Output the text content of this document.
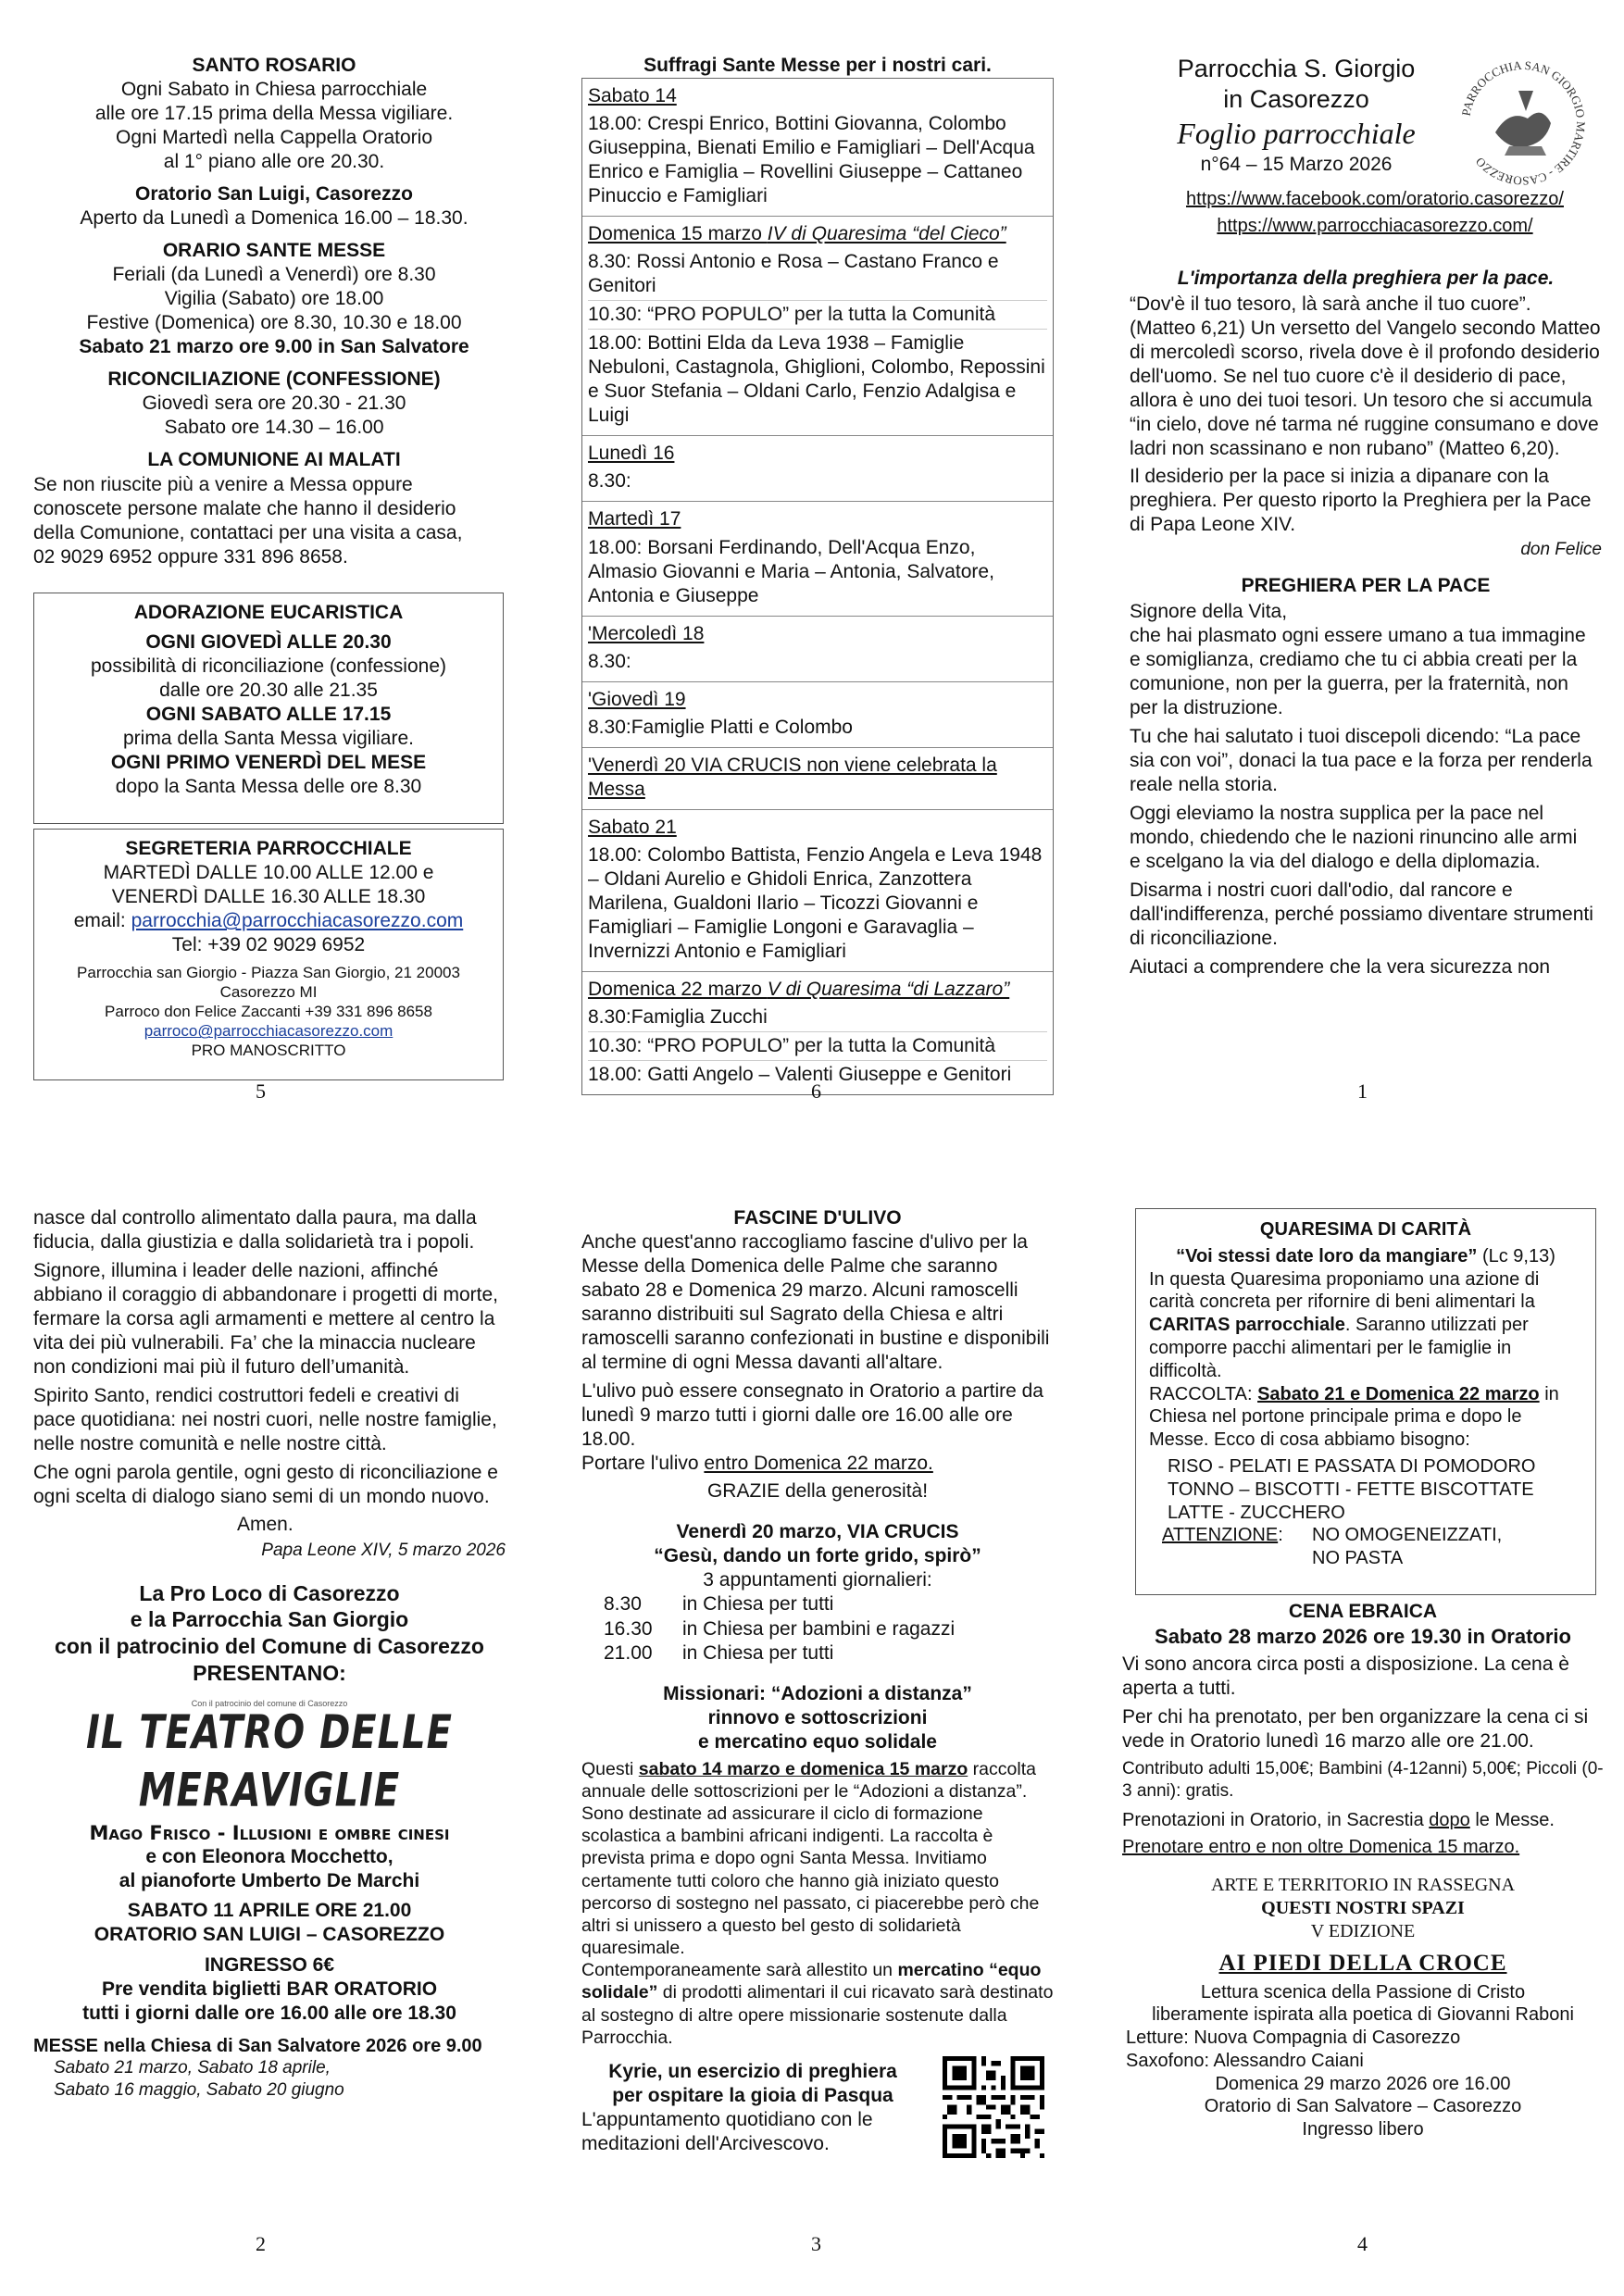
SANTO ROSARIO
Ogni Sabato in Chiesa parrocchiale
alle ore 17.15 prima della Messa vigiliare.
Ogni Martedì nella Cappella Oratorio
al 1° piano alle ore 20.30.
Oratorio San Luigi, Casorezzo
Aperto da Lunedì a Domenica 16.00 – 18.30.
ORARIO SANTE MESSE
Feriali (da Lunedì a Venerdì) ore 8.30
Vigilia (Sabato) ore 18.00
Festive (Domenica) ore 8.30, 10.30 e 18.00
Sabato 21 marzo ore 9.00 in San Salvatore
RICONCILIAZIONE (CONFESSIONE)
Giovedì sera ore 20.30 - 21.30
Sabato ore 14.30 – 16.00
LA COMUNIONE AI MALATI
Se non riuscite più a venire a Messa oppure
conoscete persone malate che hanno il desiderio
della Comunione, contattaci per una visita a casa,
02 9029 6952 oppure 331 896 8658.
ADORAZIONE EUCARISTICA
OGNI GIOVEDÌ ALLE 20.30
possibilità di riconciliazione (confessione)
dalle ore 20.30 alle 21.35
OGNI SABATO ALLE 17.15
prima della Santa Messa vigiliare.
OGNI PRIMO VENERDÌ DEL MESE
dopo la Santa Messa delle ore 8.30
SEGRETERIA PARROCCHIALE
MARTEDÌ DALLE 10.00 ALLE 12.00 e
VENERDÌ DALLE 16.30 ALLE 18.30
email: parrocchia@parrocchiacasorezzo.com
Tel: +39 02 9029 6952
Parrocchia san Giorgio - Piazza San Giorgio, 21 20003
Casorezzo MI
Parroco don Felice Zaccanti +39 331 896 8658
parroco@parrocchiacasorezzo.com
PRO MANOSCRITTO
5
Suffragi Sante Messe per i nostri cari.
Sabato 14
18.00: Crespi Enrico, Bottini Giovanna, Colombo Giuseppina, Bienati Emilio e Famigliari – Dell'Acqua Enrico e Famiglia – Rovellini Giuseppe – Cattaneo Pinuccio e Famigliari
Domenica 15 marzo IV di Quaresima “del Cieco”
8.30: Rossi Antonio e Rosa – Castano Franco e Genitori
10.30: “PRO POPULO” per la tutta la Comunità
18.00: Bottini Elda da Leva 1938 – Famiglie Nebuloni, Castagnola, Ghiglioni, Colombo, Repossini e Suor Stefania – Oldani Carlo, Fenzio Adalgisa e Luigi
Lunedì 16
8.30:
Martedì 17
18.00: Borsani Ferdinando, Dell'Acqua Enzo, Almasio Giovanni e Maria – Antonia, Salvatore, Antonia e Giuseppe
'Mercoledì 18
8.30:
'Giovedì 19
8.30:Famiglie Platti e Colombo
'Venerdì 20 VIA CRUCIS non viene celebrata la Messa
Sabato 21
18.00: Colombo Battista, Fenzio Angela e Leva 1948 – Oldani Aurelio e Ghidoli Enrica, Zanzottera Marilena, Gualdoni Ilario – Ticozzi Giovanni e Famigliari – Famiglie Longoni e Garavaglia – Invernizzi Antonio e Famigliari
Domenica 22 marzo V di Quaresima “di Lazzaro”
8.30:Famiglia Zucchi
10.30: “PRO POPULO” per la tutta la Comunità
18.00: Gatti Angelo – Valenti Giuseppe e Genitori
6
Parrocchia S. Giorgio
in Casorezzo
Foglio parrocchiale
n°64 – 15 Marzo 2026
PARROCCHIA SAN GIORGIO MARTIRE - CASOREZZO
https://www.facebook.com/oratorio.casorezzo/
https://www.parrocchiacasorezzo.com/
L'importanza della preghiera per la pace.

“Dov'è il tuo tesoro, là sarà anche il tuo cuore”. (Matteo 6,21) Un versetto del Vangelo secondo Matteo di mercoledì scorso, rivela dove è il profondo desiderio dell'uomo. Se nel tuo cuore c'è il desiderio di pace, allora è uno dei tuoi tesori. Un tesoro che si accumula “in cielo, dove né tarma né ruggine consumano e dove ladri non scassinano e non rubano” (Matteo 6,20).

Il desiderio per la pace si inizia a dipanare con la preghiera. Per questo riporto la Preghiera per la Pace di Papa Leone XIV.

don Felice
PREGHIERA PER LA PACE

Signore della Vita,
che hai plasmato ogni essere umano a tua immagine e somiglianza, crediamo che tu ci abbia creati per la comunione, non per la guerra, per la fraternità, non per la distruzione.

Tu che hai salutato i tuoi discepoli dicendo: “La pace sia con voi”, donaci la tua pace e la forza per renderla reale nella storia.

Oggi eleviamo la nostra supplica per la pace nel mondo, chiedendo che le nazioni rinuncino alle armi
e scelgano la via del dialogo e della diplomazia.

Disarma i nostri cuori dall'odio, dal rancore e dall'indifferenza, perché possiamo diventare strumenti di riconciliazione.

Aiutaci a comprendere che la vera sicurezza non

1

nasce dal controllo alimentato dalla paura, ma dalla fiducia, dalla giustizia e dalla solidarietà tra i popoli.

Signore, illumina i leader delle nazioni, affinché abbiano il coraggio di abbandonare i progetti di morte,
fermare la corsa agli armamenti e mettere al centro la vita dei più vulnerabili. Fa’ che la minaccia nucleare non condizioni mai più il futuro dell’umanità.

Spirito Santo, rendici costruttori fedeli e creativi di pace quotidiana: nei nostri cuori, nelle nostre famiglie,
nelle nostre comunità e nelle nostre città.

Che ogni parola gentile, ogni gesto di riconciliazione e ogni scelta di dialogo siano semi di un mondo nuovo.

Amen.
Papa Leone XIV, 5 marzo 2026
La Pro Loco di Casorezzo
e la Parrocchia San Giorgio
con il patrocinio del Comune di Casorezzo
PRESENTANO:
Con il patrocinio del comune di Casorezzo
IL TEATRO DELLE MERAVIGLIE
Mago Frisco - Illusioni e ombre cinesi
e con Eleonora Mocchetto,
al pianoforte Umberto De Marchi
SABATO 11 APRILE ORE 21.00
ORATORIO SAN LUIGI – CASOREZZO
INGRESSO 6€
Pre vendita biglietti BAR ORATORIO
tutti i giorni dalle ore 16.00 alle ore 18.30
MESSE nella Chiesa di San Salvatore 2026 ore 9.00
Sabato 21 marzo, Sabato 18 aprile,
Sabato 16 maggio, Sabato 20 giugno
2
FASCINE D'ULIVO

Anche quest'anno raccogliamo fascine d'ulivo per la Messe della Domenica delle Palme che saranno sabato 28 e Domenica 29 marzo. Alcuni ramoscelli saranno distribuiti sul Sagrato della Chiesa e altri ramoscelli saranno confezionati in bustine e disponibili al termine di ogni Messa davanti all'altare.

L'ulivo può essere consegnato in Oratorio a partire da lunedì 9 marzo tutti i giorni dalle ore 16.00 alle ore 18.00.

Portare l'ulivo entro Domenica 22 marzo.

GRAZIE della generosità!
Venerdì 20 marzo, VIA CRUCIS
“Gesù, dando un forte grido, spirò”
3 appuntamenti giornalieri:
8.30	in Chiesa per tutti
16.30	in Chiesa per bambini e ragazzi
21.00	in Chiesa per tutti
Missionari: “Adozioni a distanza”
rinnovo e sottoscrizioni
e mercatino equo solidale

Questi sabato 14 marzo e domenica 15 marzo raccolta annuale delle sottoscrizioni per le “Adozioni a distanza”. Sono destinate ad assicurare il ciclo di formazione scolastica a bambini africani indigenti. La raccolta è prevista prima e dopo ogni Santa Messa. Invitiamo certamente tutti coloro che hanno già iniziato questo percorso di sostegno nel passato, ci piacerebbe però che altri si unissero a questo bel gesto di solidarietà quaresimale.

Contemporaneamente sarà allestito un mercatino “equo solidale” di prodotti alimentari il cui ricavato sarà destinato al sostegno di altre opere missionarie sostenute dalla Parrocchia.

Kyrie, un esercizio di preghiera
per ospitare la gioia di Pasqua

L'appuntamento quotidiano con le meditazioni dell'Arcivescovo.

3
QUARESIMA DI CARITÀ
“Voi stessi date loro da mangiare” (Lc 9,13)

In questa Quaresima proponiamo una azione di carità concreta per rifornire di beni alimentari la CARITAS parrocchiale. Saranno utilizzati per comporre pacchi alimentari per le famiglie in difficoltà.

RACCOLTA: Sabato 21 e Domenica 22 marzo in Chiesa nel portone principale prima e dopo le Messe. Ecco di cosa abbiamo bisogno:

RISO - PELATI E PASSATA DI POMODORO
TONNO – BISCOTTI - FETTE BISCOTTATE
LATTE - ZUCCHERO
ATTENZIONE:	NO OMOGENEIZZATI,
NO PASTA
CENA EBRAICA
Sabato 28 marzo 2026 ore 19.30 in Oratorio

Vi sono ancora circa posti a disposizione. La cena è aperta a tutti.

Per chi ha prenotato, per ben organizzare la cena ci si vede in Oratorio lunedì 16 marzo alle ore 21.00.

Contributo adulti 15,00€; Bambini (4-12anni) 5,00€; Piccoli (0-3 anni): gratis.

Prenotazioni in Oratorio, in Sacrestia dopo le Messe.

Prenotare entro e non oltre Domenica 15 marzo.

ARTE E TERRITORIO IN RASSEGNA
QUESTI NOSTRI SPAZI
V EDIZIONE
AI PIEDI DELLA CROCE
Lettura scenica della Passione di Cristo
liberamente ispirata alla poetica di Giovanni Raboni
Letture: Nuova Compagnia di Casorezzo
Saxofono: Alessandro Caiani
Domenica 29 marzo 2026 ore 16.00
Oratorio di San Salvatore – Casorezzo
Ingresso libero
4
